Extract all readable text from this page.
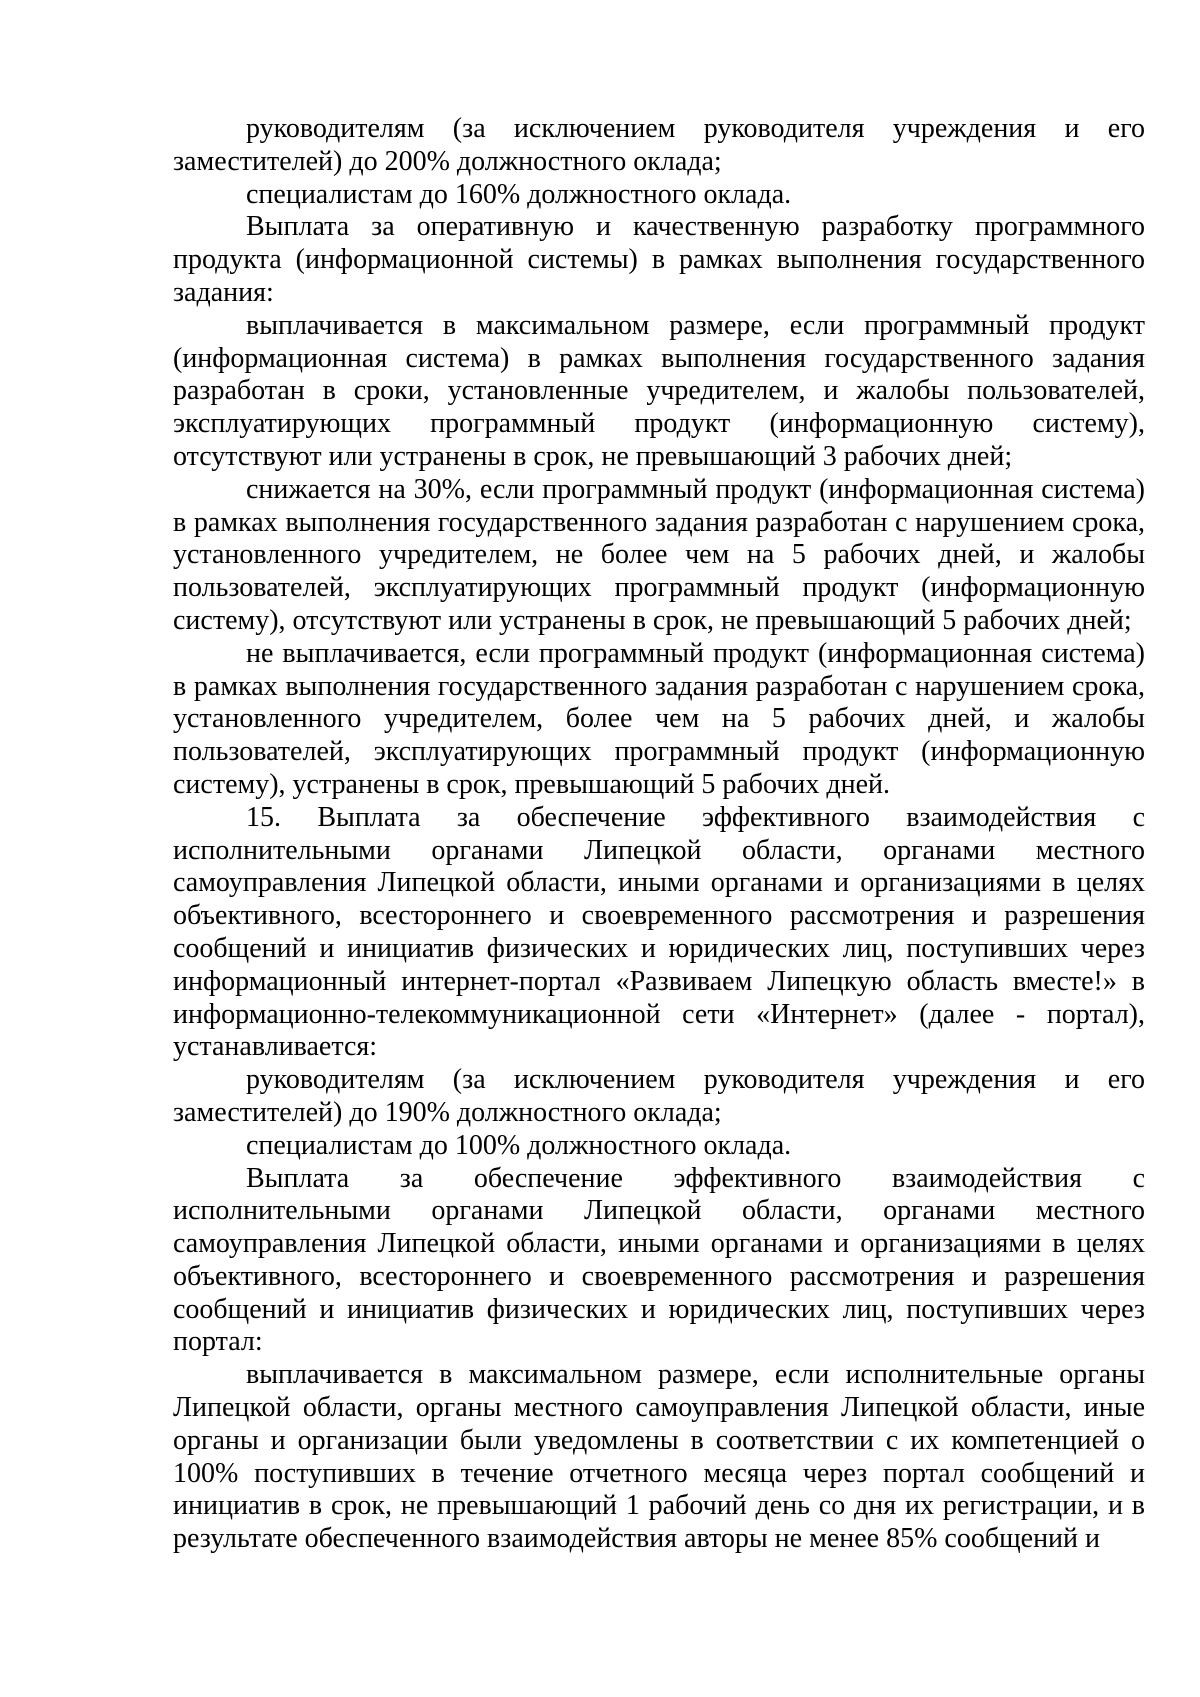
руководителям (за исключением руководителя учреждения и его заместителей) до 200% должностного оклада;

специалистам до 160% должностного оклада.

Выплата за оперативную и качественную разработку программного продукта (информационной системы) в рамках выполнения государственного задания:

выплачивается в максимальном размере, если программный продукт (информационная система) в рамках выполнения государственного задания разработан в сроки, установленные учредителем, и жалобы пользователей, эксплуатирующих программный продукт (информационную систему), отсутствуют или устранены в срок, не превышающий 3 рабочих дней;

снижается на 30%, если программный продукт (информационная система) в рамках выполнения государственного задания разработан с нарушением срока, установленного учредителем, не более чем на 5 рабочих дней, и жалобы пользователей, эксплуатирующих программный продукт (информационную систему), отсутствуют или устранены в срок, не превышающий 5 рабочих дней;

не выплачивается, если программный продукт (информационная система) в рамках выполнения государственного задания разработан с нарушением срока, установленного учредителем, более чем на 5 рабочих дней, и жалобы пользователей, эксплуатирующих программный продукт (информационную систему), устранены в срок, превышающий 5 рабочих дней.

15. Выплата за обеспечение эффективного взаимодействия с исполнительными органами Липецкой области, органами местного самоуправления Липецкой области, иными органами и организациями в целях объективного, всестороннего и своевременного рассмотрения и разрешения сообщений и инициатив физических и юридических лиц, поступивших через информационный интернет-портал «Развиваем Липецкую область вместе!» в информационно-телекоммуникационной сети «Интернет» (далее - портал), устанавливается:

руководителям (за исключением руководителя учреждения и его заместителей) до 190% должностного оклада;

специалистам до 100% должностного оклада.

Выплата за обеспечение эффективного взаимодействия с исполнительными органами Липецкой области, органами местного самоуправления Липецкой области, иными органами и организациями в целях объективного, всестороннего и своевременного рассмотрения и разрешения сообщений и инициатив физических и юридических лиц, поступивших через портал:

выплачивается в максимальном размере, если исполнительные органы Липецкой области, органы местного самоуправления Липецкой области, иные органы и организации были уведомлены в соответствии с их компетенцией о 100% поступивших в течение отчетного месяца через портал сообщений и инициатив в срок, не превышающий 1 рабочий день со дня их регистрации, и в результате обеспеченного взаимодействия авторы не менее 85% сообщений и
